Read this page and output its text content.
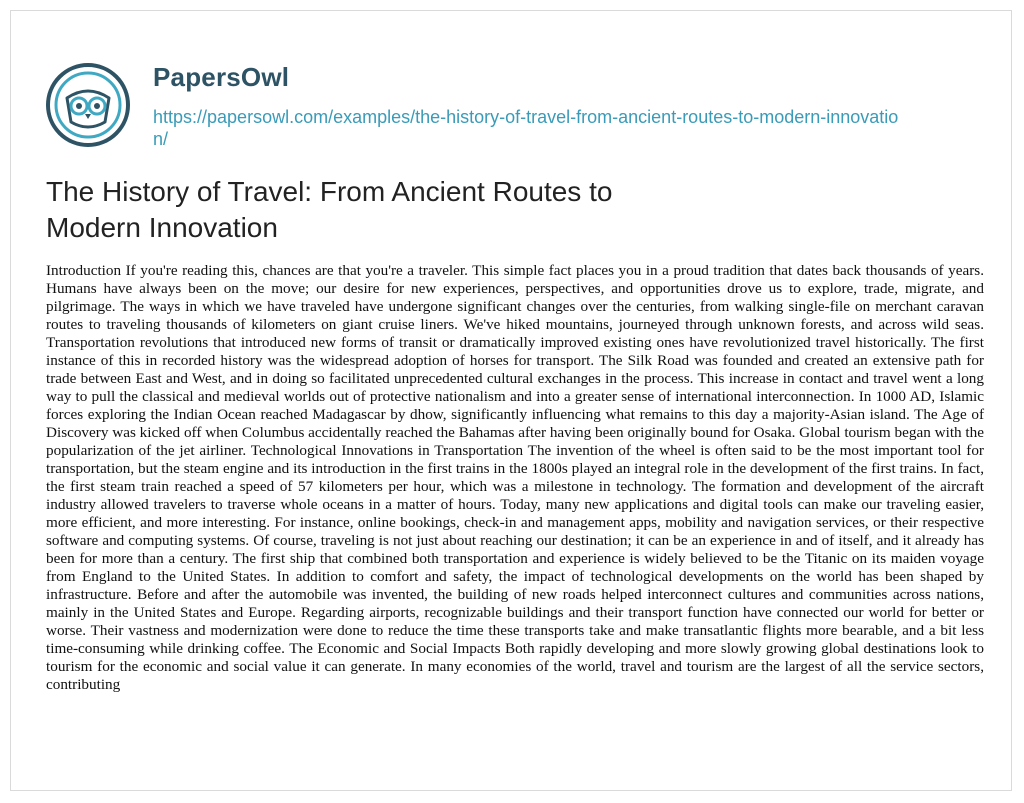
PapersOwl
https://papersowl.com/examples/the-history-of-travel-from-ancient-routes-to-modern-innovation/
The History of Travel: From Ancient Routes to Modern Innovation

Introduction If you're reading this, chances are that you're a traveler. This simple fact places you in a proud tradition that dates back thousands of years. Humans have always been on the move; our desire for new experiences, perspectives, and opportunities drove us to explore, trade, migrate, and pilgrimage. The ways in which we have traveled have undergone significant changes over the centuries, from walking single-file on merchant caravan routes to traveling thousands of kilometers on giant cruise liners. We've hiked mountains, journeyed through unknown forests, and across wild seas. Transportation revolutions that introduced new forms of transit or dramatically improved existing ones have revolutionized travel historically. The first instance of this in recorded history was the widespread adoption of horses for transport. The Silk Road was founded and created an extensive path for trade between East and West, and in doing so facilitated unprecedented cultural exchanges in the process. This increase in contact and travel went a long way to pull the classical and medieval worlds out of protective nationalism and into a greater sense of international interconnection. In 1000 AD, Islamic forces exploring the Indian Ocean reached Madagascar by dhow, significantly influencing what remains to this day a majority-Asian island. The Age of Discovery was kicked off when Columbus accidentally reached the Bahamas after having been originally bound for Osaka. Global tourism began with the popularization of the jet airliner. Technological Innovations in Transportation The invention of the wheel is often said to be the most important tool for transportation, but the steam engine and its introduction in the first trains in the 1800s played an integral role in the development of the first trains. In fact, the first steam train reached a speed of 57 kilometers per hour, which was a milestone in technology. The formation and development of the aircraft industry allowed travelers to traverse whole oceans in a matter of hours. Today, many new applications and digital tools can make our traveling easier, more efficient, and more interesting. For instance, online bookings, check-in and management apps, mobility and navigation services, or their respective software and computing systems. Of course, traveling is not just about reaching our destination; it can be an experience in and of itself, and it already has been for more than a century. The first ship that combined both transportation and experience is widely believed to be the Titanic on its maiden voyage from England to the United States. In addition to comfort and safety, the impact of technological developments on the world has been shaped by infrastructure. Before and after the automobile was invented, the building of new roads helped interconnect cultures and communities across nations, mainly in the United States and Europe. Regarding airports, recognizable buildings and their transport function have connected our world for better or worse. Their vastness and modernization were done to reduce the time these transports take and make transatlantic flights more bearable, and a bit less time-consuming while drinking coffee. The Economic and Social Impacts Both rapidly developing and more slowly growing global destinations look to tourism for the economic and social value it can generate. In many economies of the world, travel and tourism are the largest of all the service sectors, contributing
